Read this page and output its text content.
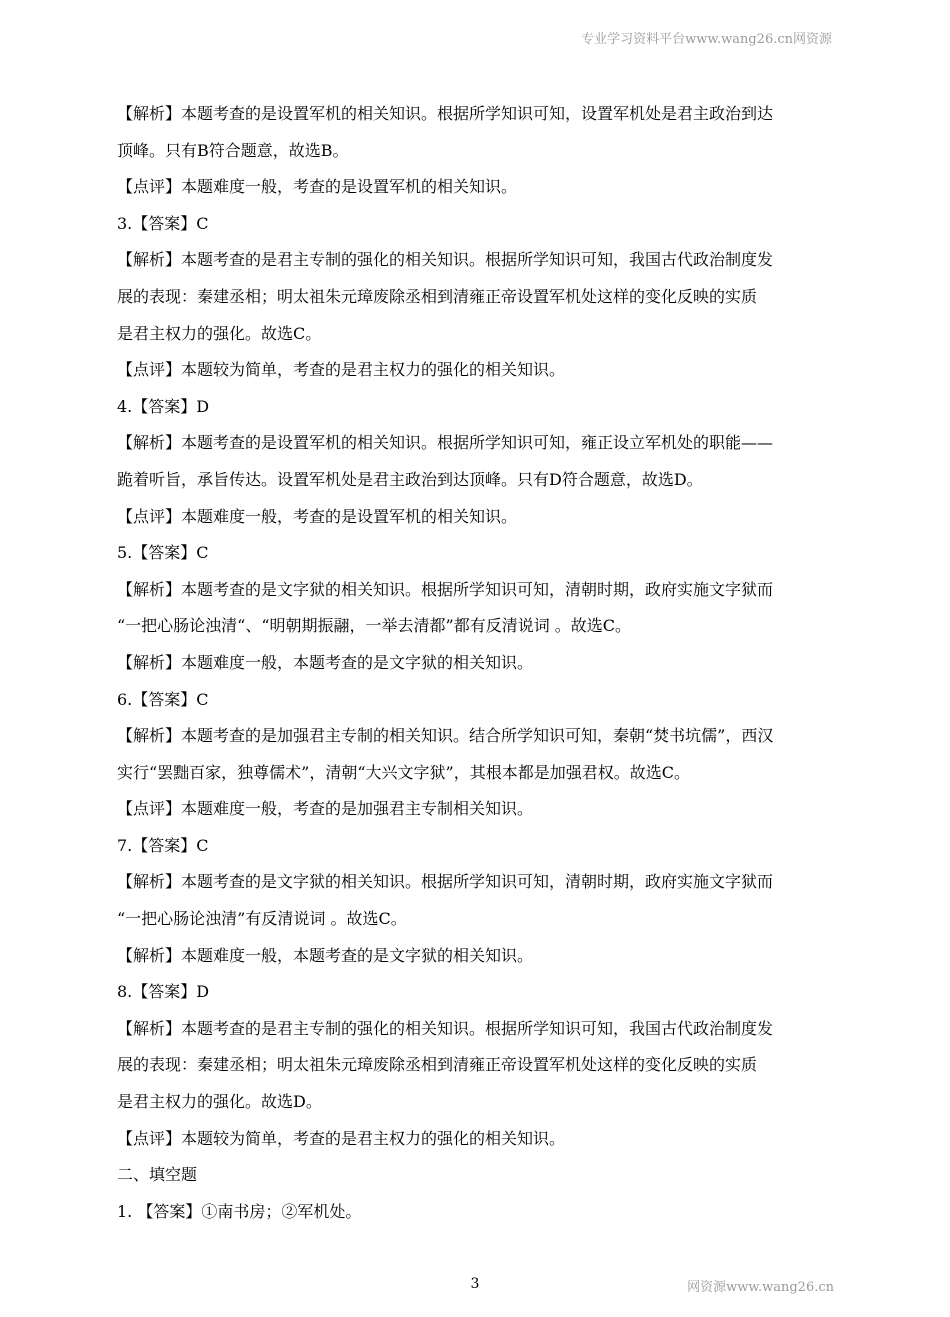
专业学习资料平台www.wang26.cn网资源
【解析】本题考查的是设置军机的相关知识。根据所学知识可知，设置军机处是君主政治到达
顶峰。只有B符合题意，故选B。
【点评】本题难度一般，考查的是设置军机的相关知识。
3.【答案】C
【解析】本题考查的是君主专制的强化的相关知识。根据所学知识可知，我国古代政治制度发
展的表现：秦建丞相；明太祖朱元璋废除丞相到清雍正帝设置军机处这样的变化反映的实质
是君主权力的强化。故选C。
【点评】本题较为简单，考查的是君主权力的强化的相关知识。
4.【答案】D
【解析】本题考查的是设置军机的相关知识。根据所学知识可知，雍正设立军机处的职能——
跪着听旨，承旨传达。设置军机处是君主政治到达顶峰。只有D符合题意，故选D。
【点评】本题难度一般，考查的是设置军机的相关知识。
5.【答案】C
【解析】本题考查的是文字狱的相关知识。根据所学知识可知，清朝时期，政府实施文字狱而
“一把心肠论浊清“、“明朝期振翮，一举去清都”都有反清说词 。故选C。
【解析】本题难度一般，本题考查的是文字狱的相关知识。
6.【答案】C
【解析】本题考查的是加强君主专制的相关知识。结合所学知识可知，秦朝“焚书坑儒”，西汉
实行“罢黜百家，独尊儒术”，清朝“大兴文字狱”，其根本都是加强君权。故选C。
【点评】本题难度一般，考查的是加强君主专制相关知识。
7.【答案】C
【解析】本题考查的是文字狱的相关知识。根据所学知识可知，清朝时期，政府实施文字狱而
“一把心肠论浊清”有反清说词 。故选C。
【解析】本题难度一般，本题考查的是文字狱的相关知识。
8.【答案】D
【解析】本题考查的是君主专制的强化的相关知识。根据所学知识可知，我国古代政治制度发
展的表现：秦建丞相；明太祖朱元璋废除丞相到清雍正帝设置军机处这样的变化反映的实质
是君主权力的强化。故选D。
【点评】本题较为简单，考查的是君主权力的强化的相关知识。
二、填空题
1. 【答案】①南书房；②军机处。
3	网资源www.wang26.cn
